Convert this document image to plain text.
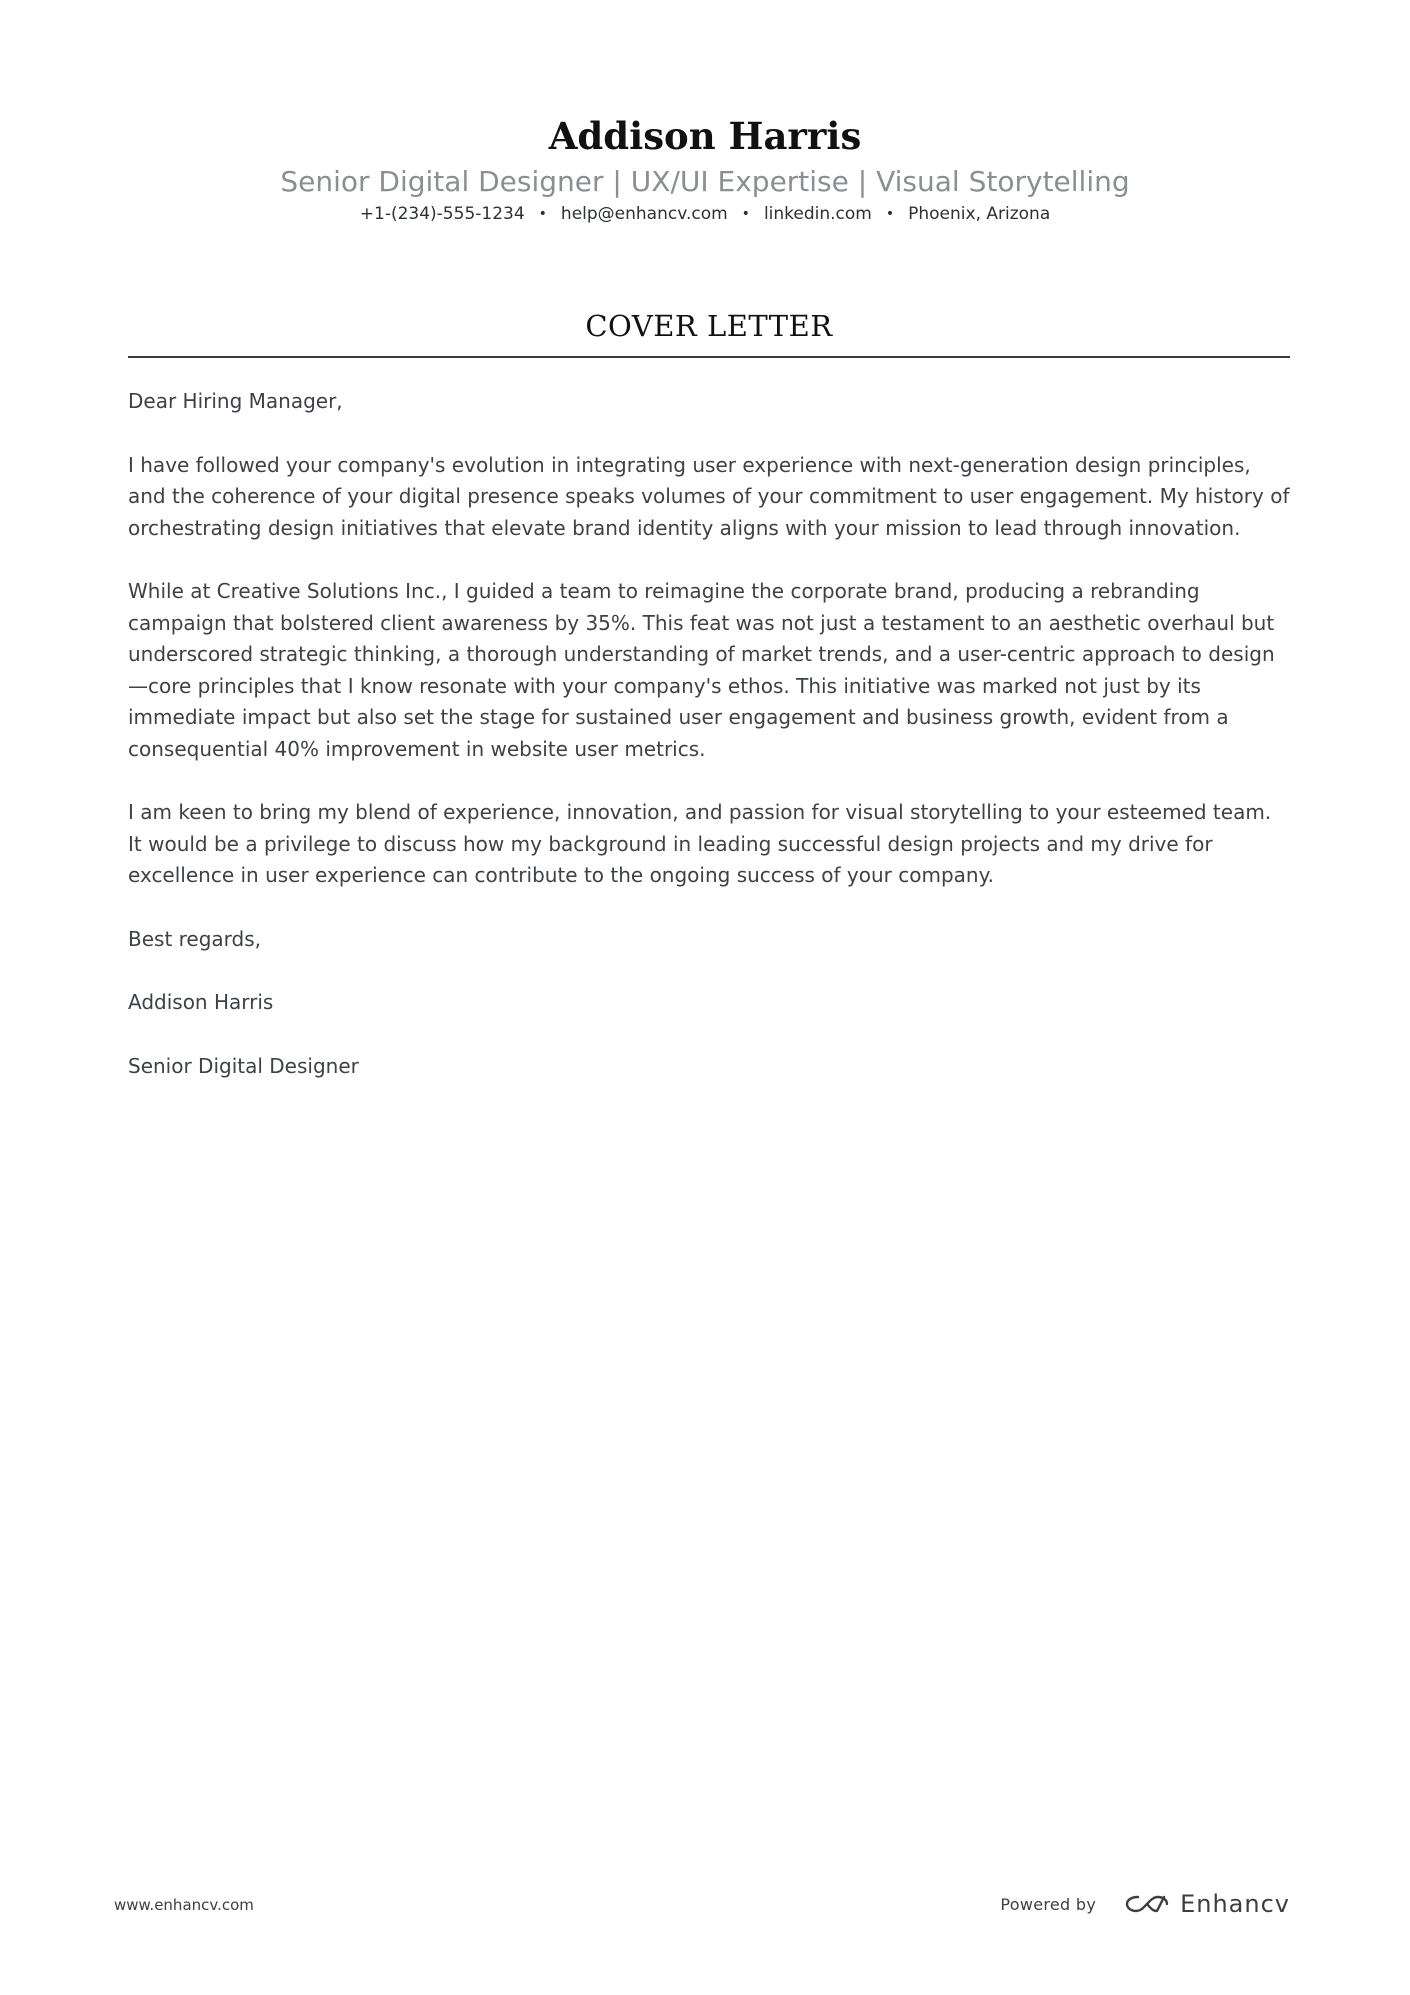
Addison Harris
Senior Digital Designer | UX/UI Expertise | Visual Storytelling
+1-(234)-555-1234 • help@enhancv.com • linkedin.com • Phoenix, Arizona
COVER LETTER

Dear Hiring Manager,

I have followed your company's evolution in integrating user experience with next-generation design principles, and the coherence of your digital presence speaks volumes of your commitment to user engagement. My history of orchestrating design initiatives that elevate brand identity aligns with your mission to lead through innovation.

While at Creative Solutions Inc., I guided a team to reimagine the corporate brand, producing a rebranding campaign that bolstered client awareness by 35%. This feat was not just a testament to an aesthetic overhaul but underscored strategic thinking, a thorough understanding of market trends, and a user-centric approach to design—core principles that I know resonate with your company's ethos. This initiative was marked not just by its immediate impact but also set the stage for sustained user engagement and business growth, evident from a consequential 40% improvement in website user metrics.

I am keen to bring my blend of experience, innovation, and passion for visual storytelling to your esteemed team. It would be a privilege to discuss how my background in leading successful design projects and my drive for excellence in user experience can contribute to the ongoing success of your company.

Best regards,

Addison Harris

Senior Digital Designer

www.enhancv.com	Powered by	Enhancv
